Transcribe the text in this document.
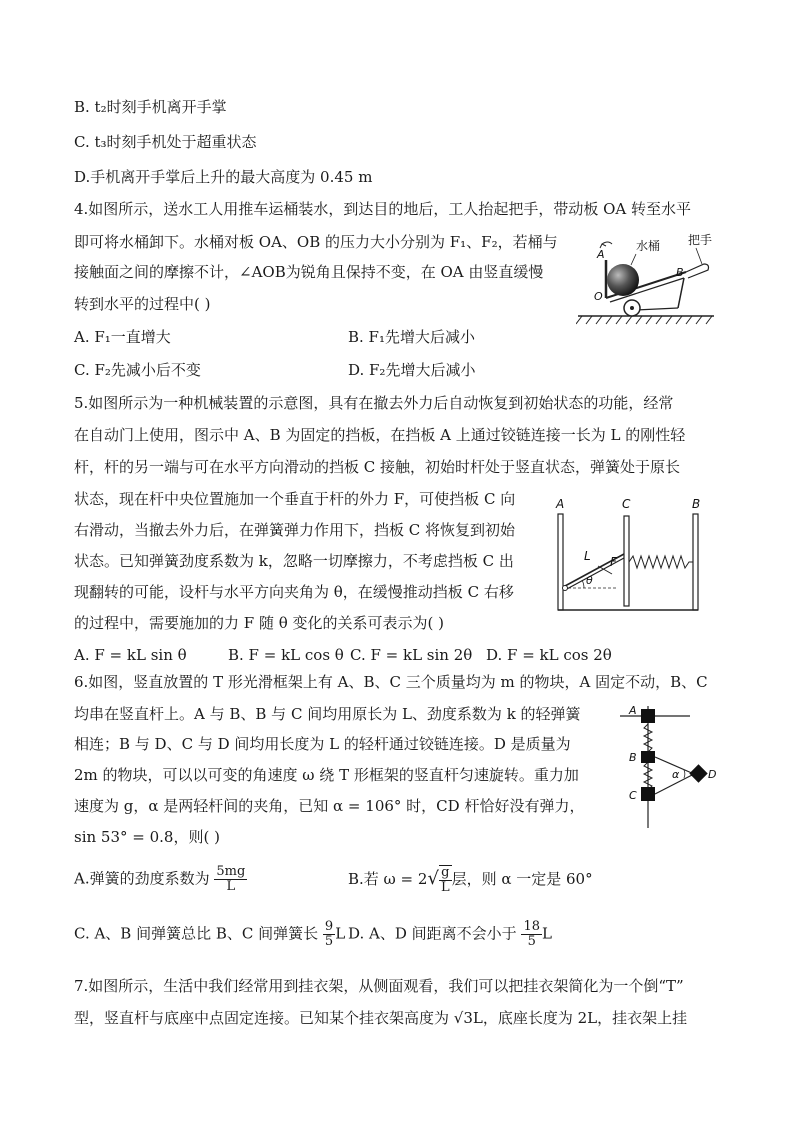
B. t₂时刻手机离开手掌
C. t₃时刻手机处于超重状态
D.手机离开手掌后上升的最大高度为 0.45 m
4.如图所示，送水工人用推车运桶装水，到达目的地后，工人抬起把手，带动板 OA 转至水平
即可将水桶卸下。水桶对板 OA、OB 的压力大小分别为 F₁、F₂，若桶与
接触面之间的摩擦不计，∠AOB为锐角且保持不变，在 OA 由竖直缓慢
转到水平的过程中( )
A. F₁一直增大	B. F₁先增大后减小
C. F₂先减小后不变	D. F₂先增大后减小
水桶 把手
A
B
O
5.如图所示为一种机械装置的示意图，具有在撤去外力后自动恢复到初始状态的功能，经常
在自动门上使用，图示中 A、B 为固定的挡板，在挡板 A 上通过铰链连接一长为 L 的刚性轻
杆，杆的另一端与可在水平方向滑动的挡板 C 接触，初始时杆处于竖直状态，弹簧处于原长
状态，现在杆中央位置施加一个垂直于杆的外力 F，可使挡板 C 向
右滑动，当撤去外力后，在弹簧弹力作用下，挡板 C 将恢复到初始
状态。已知弹簧劲度系数为 k，忽略一切摩擦力，不考虑挡板 C 出
现翻转的可能，设杆与水平方向夹角为 θ，在缓慢推动挡板 C 右移
的过程中，需要施加的力 F 随 θ 变化的关系可表示为( )
A. F = kL sin θ	B. F = kL cos θ C. F = kL sin 2θ D. F = kL cos 2θ
A	C	B
θ
L F
6.如图，竖直放置的 T 形光滑框架上有 A、B、C 三个质量均为 m 的物块，A 固定不动，B、C
均串在竖直杆上。A 与 B、B 与 C 间均用原长为 L、劲度系数为 k 的轻弹簧
相连；B 与 D、C 与 D 间均用长度为 L 的轻杆通过铰链连接。D 是质量为
2m 的物块，可以以可变的角速度 ω 绕 T 形框架的竖直杆匀速旋转。重力加
速度为 g，α 是两轻杆间的夹角，已知 α = 106° 时，CD 杆恰好没有弹力，
sin 53° = 0.8，则( )
A.弹簧的劲度系数为 $\frac{5mg}{L}$	B.若 $\omega = 2√ \frac{g}{L}$ 层，则 α 一定是 60°
C. A、B 间弹簧总比 B、C 间弹簧长 $\frac{9}{5}$ L D. A、D 间距离不会小于 $\frac{18}{5}$ L
α
A
B
C
D
7.如图所示，生活中我们经常用到挂衣架，从侧面观看，我们可以把挂衣架简化为一个倒“T”
型，竖直杆与底座中点固定连接。已知某个挂衣架高度为 √3L，底座长度为 2L，挂衣架上挂
